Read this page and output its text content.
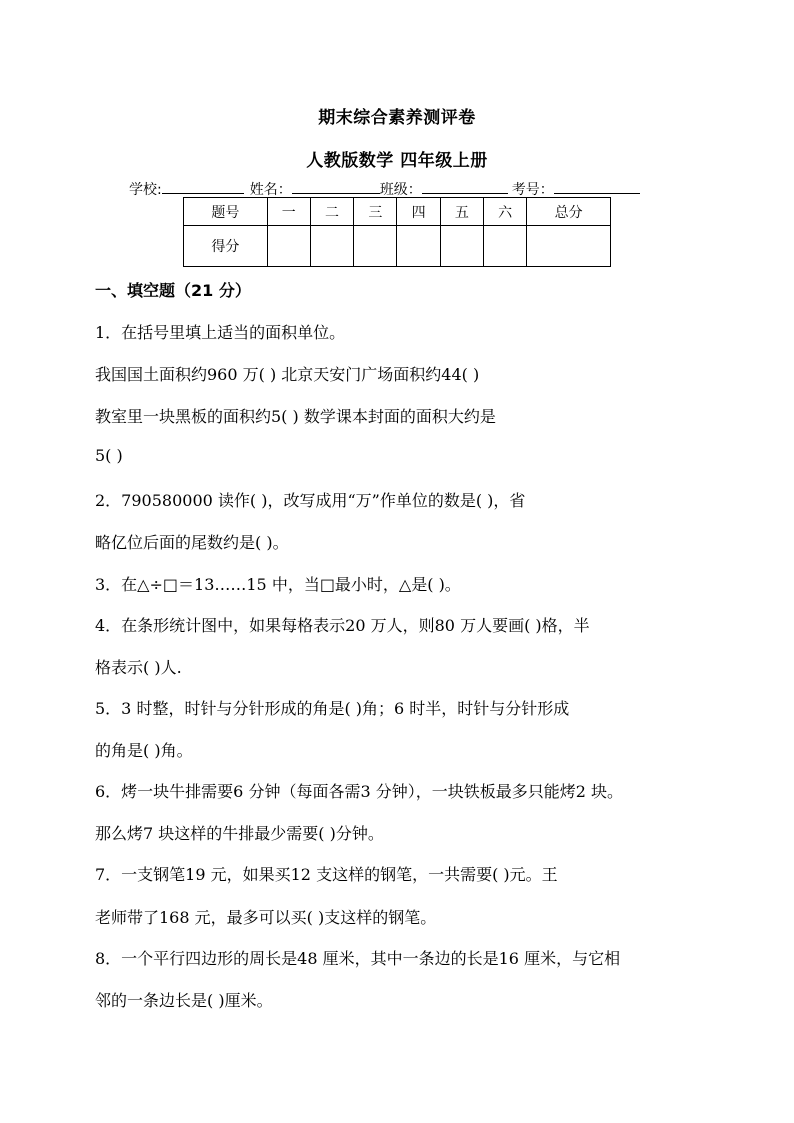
期末综合素养测评卷
人教版数学 四年级上册
学校:	姓名：	班级：	考号：
题号	一	二	三	四	五	六	总分
得分							
一、填空题（21 分）
1．在括号里填上适当的面积单位。
我国国土面积约960 万( ) 北京天安门广场面积约44( )
教室里一块黑板的面积约5( ) 数学课本封面的面积大约是
5( )
2．790580000 读作( )，改写成用“万”作单位的数是( )，省
略亿位后面的尾数约是( )。
3．在△÷□＝13……15 中，当□最小时，△是( )。
4．在条形统计图中，如果每格表示20 万人，则80 万人要画( )格，半
格表示( )人.
5．3 时整，时针与分针形成的角是( )角；6 时半，时针与分针形成
的角是( )角。
6．烤一块牛排需要6 分钟（每面各需3 分钟），一块铁板最多只能烤2 块。
那么烤7 块这样的牛排最少需要( )分钟。
7．一支钢笔19 元，如果买12 支这样的钢笔，一共需要( )元。王
老师带了168 元，最多可以买( )支这样的钢笔。
8．一个平行四边形的周长是48 厘米，其中一条边的长是16 厘米，与它相
邻的一条边长是( )厘米。
